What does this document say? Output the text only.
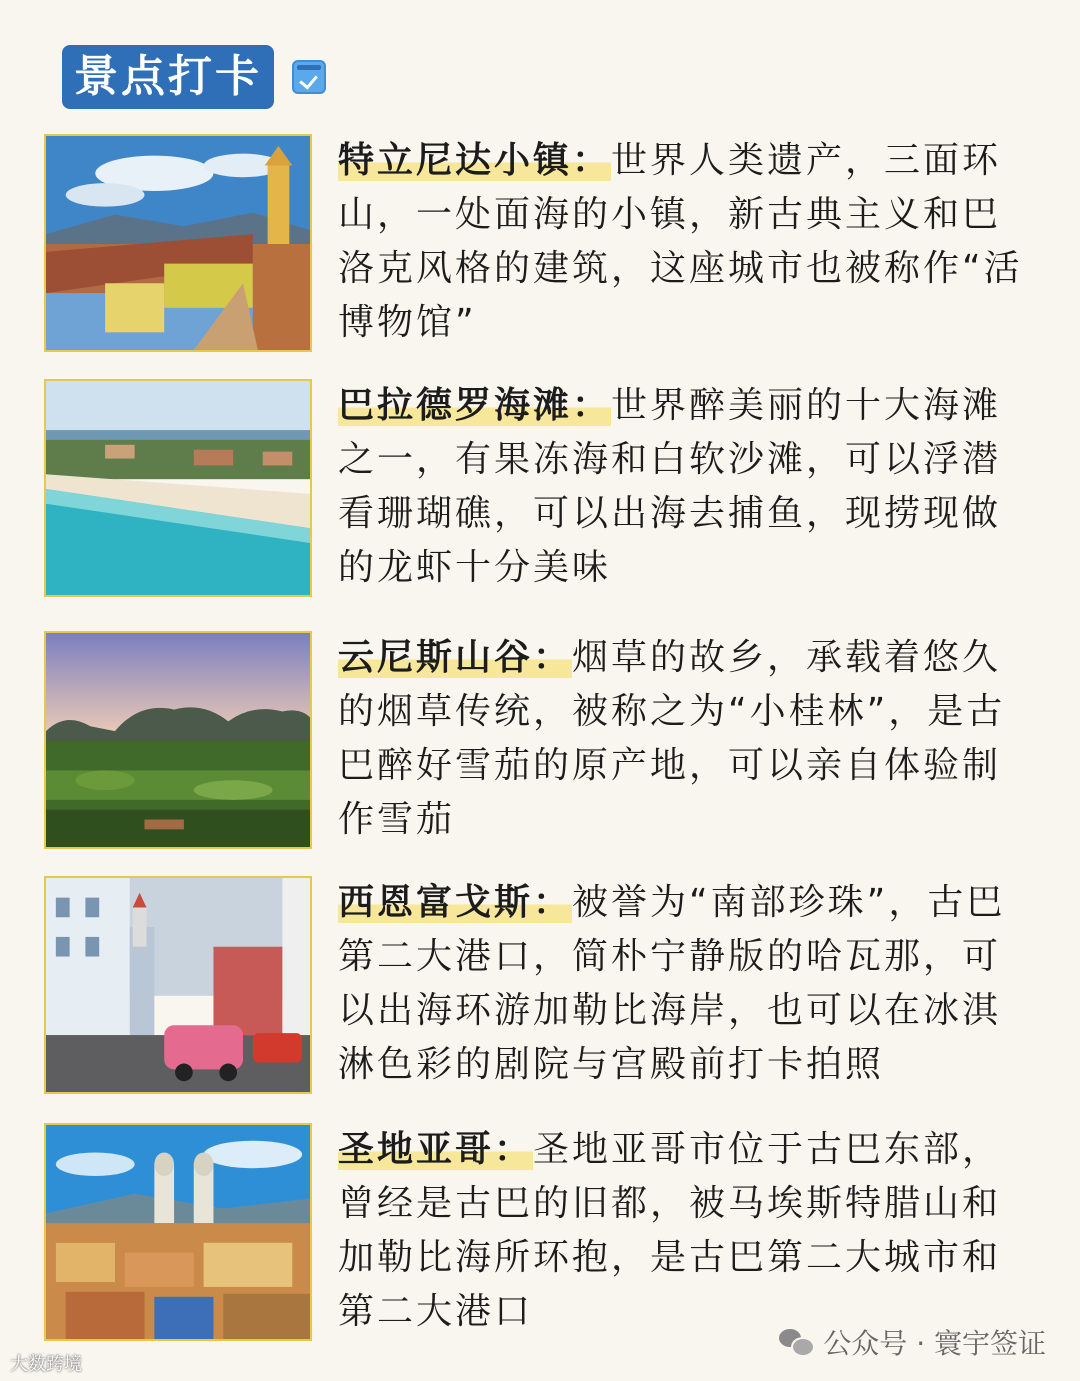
景点打卡
特立尼达小镇：世界人类遗产，三面环山，一处面海的小镇，新古典主义和巴洛克风格的建筑，这座城市也被称作“活博物馆”
巴拉德罗海滩：世界醉美丽的十大海滩之一，有果冻海和白软沙滩，可以浮潜看珊瑚礁，可以出海去捕鱼，现捞现做的龙虾十分美味
云尼斯山谷：烟草的故乡，承载着悠久的烟草传统，被称之为“小桂林”，是古巴醉好雪茄的原产地，可以亲自体验制作雪茄
西恩富戈斯：被誉为“南部珍珠”，古巴第二大港口，简朴宁静版的哈瓦那，可以出海环游加勒比海岸，也可以在冰淇淋色彩的剧院与宫殿前打卡拍照
圣地亚哥：圣地亚哥市位于古巴东部，曾经是古巴的旧都，被马埃斯特腊山和加勒比海所环抱，是古巴第二大城市和第二大港口
公众号 · 寰宇签证
大数跨境
